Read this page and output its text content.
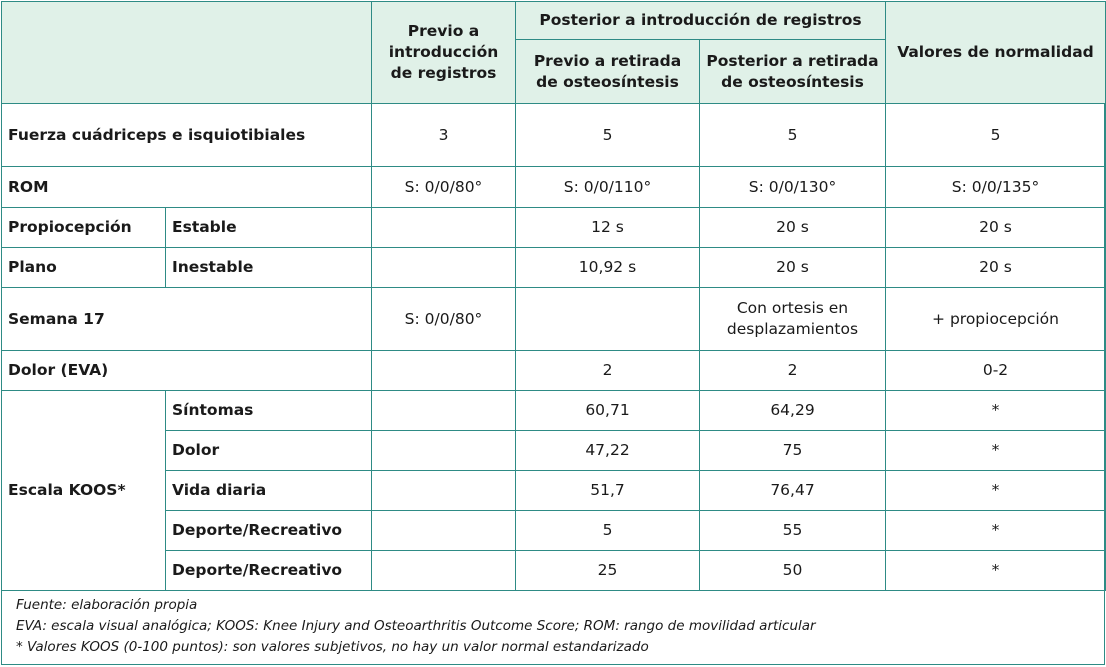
		Previo a introducción de registros	Posterior a introducción de registros		Valores de normalidad
			Previo a retirada de osteosíntesis	Posterior a retirada de osteosíntesis	
Fuerza cuádriceps e isquiotibiales		3	5	5	5
ROM		S: 0/0/80°	S: 0/0/110°	S: 0/0/130°	S: 0/0/135°
Propiocepción	Estable		12 s	20 s	20 s
Plano	Inestable		10,92 s	20 s	20 s
Semana 17		S: 0/0/80°		Con ortesis en desplazamientos	+ propiocepción
Dolor (EVA)			2	2	0-2
Escala KOOS*	Síntomas		60,71	64,29	*
	Dolor		47,22	75	*
	Vida diaria		51,7	76,47	*
	Deporte/Recreativo		5	55	*
	Deporte/Recreativo		25	50	*
Fuente: elaboración propia
EVA: escala visual analógica; KOOS: Knee Injury and Osteoarthritis Outcome Score; ROM: rango de movilidad articular
* Valores KOOS (0-100 puntos): son valores subjetivos, no hay un valor normal estandarizado
